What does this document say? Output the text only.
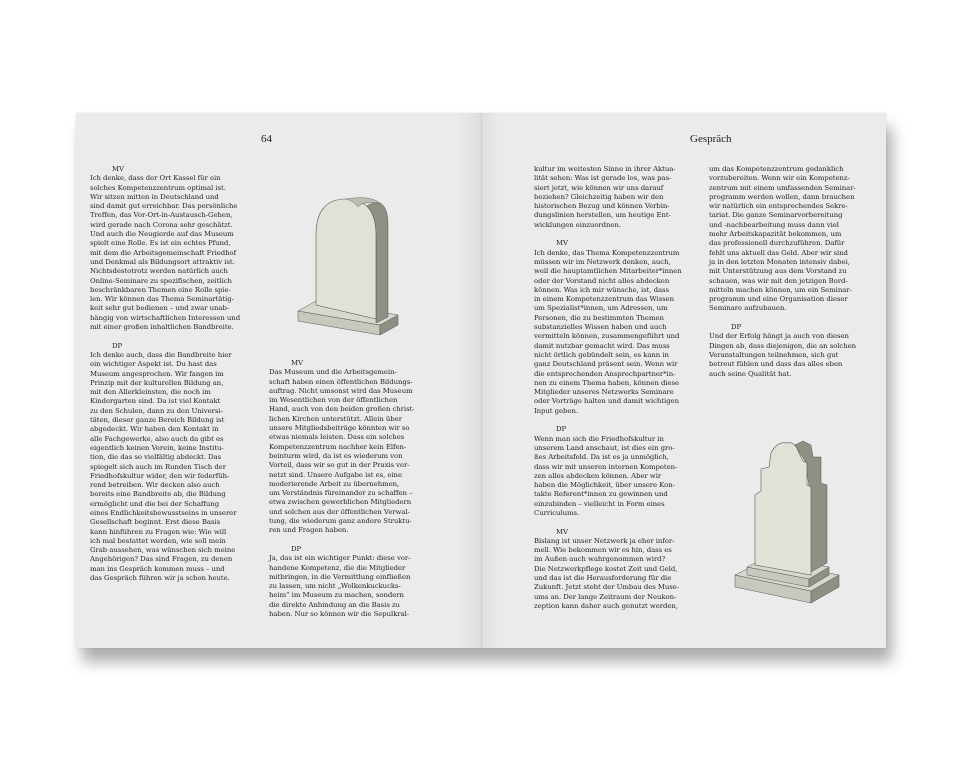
64	Gespräch
MV
Ich denke, dass der Ort Kassel für ein
solches Kompetenzzentrum optimal ist.
Wir sitzen mitten in Deutschland und
sind damit gut erreichbar. Das persönliche
Treffen, das Vor-Ort-in-Austausch-Gehen,
wird gerade nach Corona sehr geschätzt.
Und auch die Neugierde auf das Museum
spielt eine Rolle. Es ist ein echtes Pfund,
mit dem die Arbeitsgemeinschaft Friedhof
und Denkmal als Bildungsort attraktiv ist.
Nichtsdestotrotz werden natürlich auch
Online-Seminare zu spezifischen, zeitlich
beschränkbaren Themen eine Rolle spie-
len. Wir können das Thema Seminartätig-
keit sehr gut bedienen – und zwar unab-
hängig von wirtschaftlichen Interessen und
mit einer großen inhaltlichen Bandbreite.
DP
Ich denke auch, dass die Bandbreite hier
ein wichtiger Aspekt ist. Du hast das
Museum angesprochen. Wir fangen im
Prinzip mit der kulturellen Bildung an,
mit den Allerkleinsten, die noch im
Kindergarten sind. Da ist viel Kontakt
zu den Schulen, dann zu den Universi-
täten, dieser ganze Bereich Bildung ist
abgedeckt. Wir haben den Kontakt in
alle Fachgewerke, also auch da gibt es
eigentlich keinen Verein, keine Institu-
tion, die das so vielfältig abdeckt. Das
spiegelt sich auch im Runden Tisch der
Friedhofskultur wider, den wir federfüh-
rend betreiben. Wir decken also auch
bereits eine Bandbreite ab, die Bildung
ermöglicht und die bei der Schaffung
eines Endlichkeitsbewusstseins in unserer
Gesellschaft beginnt. Erst diese Basis
kann hinführen zu Fragen wie: Wie will
ich mal bestattet werden, wie soll mein
Grab aussehen, was wünschen sich meine
Angehörigen? Das sind Fragen, zu denen
man ins Gespräch kommen muss – und
das Gespräch führen wir ja schon heute.
MV
Das Museum und die Arbeitsgemein-
schaft haben einen öffentlichen Bildungs-
auftrag. Nicht umsonst wird das Museum
im Wesentlichen von der öffentlichen
Hand, auch von den beiden großen christ-
lichen Kirchen unterstützt. Allein über
unsere Mitgliedsbeiträge könnten wir so
etwas niemals leisten. Dass ein solches
Kompetenzzentrum nachher kein Elfen-
beinturm wird, da ist es wiederum von
Vorteil, dass wir so gut in der Praxis ver-
netzt sind. Unsere Aufgabe ist es, eine
moderierende Arbeit zu übernehmen,
um Verständnis füreinander zu schaffen –
etwa zwischen gewerblichen Mitgliedern
und solchen aus der öffentlichen Verwal-
tung, die wiederum ganz andere Struktu-
ren und Fragen haben.
DP
Ja, das ist ein wichtiger Punkt: diese vor-
handene Kompetenz, die die Mitglieder
mitbringen, in die Vermittlung einfließen
zu lassen, um nicht „Wolkenkuckucks-
heim“ im Museum zu machen, sondern
die direkte Anbindung an die Basis zu
haben. Nur so können wir die Sepulkral-
kultur im weitesten Sinne in ihrer Aktua-
lität sehen: Was ist gerade los, was pas-
siert jetzt, wie können wir uns darauf
beziehen? Gleichzeitig haben wir den
historischen Bezug und können Verbin-
dungslinien herstellen, um heutige Ent-
wicklungen einzuordnen.
MV
Ich denke, das Thema Kompetenzzentrum
müssen wir im Netzwerk denken, auch,
weil die hauptamtlichen Mitarbeiter*innen
oder der Vorstand nicht alles abdecken
können. Was ich mir wünsche, ist, dass
in einem Kompetenzzentrum das Wissen
um Spezialist*innen, um Adressen, um
Personen, die zu bestimmten Themen
substanzielles Wissen haben und auch
vermitteln können, zusammengeführt und
damit nutzbar gemacht wird. Das muss
nicht örtlich gebündelt sein, es kann in
ganz Deutschland präsent sein. Wenn wir
die entsprechenden Ansprechpartner*in-
nen zu einem Thema haben, können diese
Mitglieder unseres Netzwerks Seminare
oder Vorträge halten und damit wichtigen
Input geben.
DP
Wenn man sich die Friedhofskultur in
unserem Land anschaut, ist dies ein gro-
ßes Arbeitsfeld. Da ist es ja unmöglich,
dass wir mit unseren internen Kompeten-
zen alles abdecken können. Aber wir
haben die Möglichkeit, über unsere Kon-
takte Referent*innen zu gewinnen und
einzubinden – vielleicht in Form eines
Curriculums.
MV
Bislang ist unser Netzwerk ja eher infor-
mell. Wie bekommen wir es hin, dass es
im Außen auch wahrgenommen wird?
Die Netzwerkpflege kostet Zeit und Geld,
und das ist die Herausforderung für die
Zukunft. Jetzt steht der Umbau des Muse-
ums an. Der lange Zeitraum der Neukon-
zeption kann daher auch genutzt werden,
um das Kompetenzzentrum gedanklich
vorzubereiten. Wenn wir ein Kompetenz-
zentrum mit einem umfassenden Seminar-
programm werden wollen, dann brauchen
wir natürlich ein entsprechendes Sekre-
tariat. Die ganze Seminarvorbereitung
und -nachbearbeitung muss dann viel
mehr Arbeitskapazität bekommen, um
das professionell durchzuführen. Dafür
fehlt uns aktuell das Geld. Aber wir sind
ja in den letzten Monaten intensiv dabei,
mit Unterstützung aus dem Vorstand zu
schauen, was wir mit den jetzigen Bord-
mitteln machen können, um ein Seminar-
programm und eine Organisation dieser
Seminare aufzubauen.
DP
Und der Erfolg hängt ja auch von diesen
Dingen ab, dass diejenigen, die an solchen
Veranstaltungen teilnehmen, sich gut
betreut fühlen und dass das alles eben
auch seine Qualität hat.
